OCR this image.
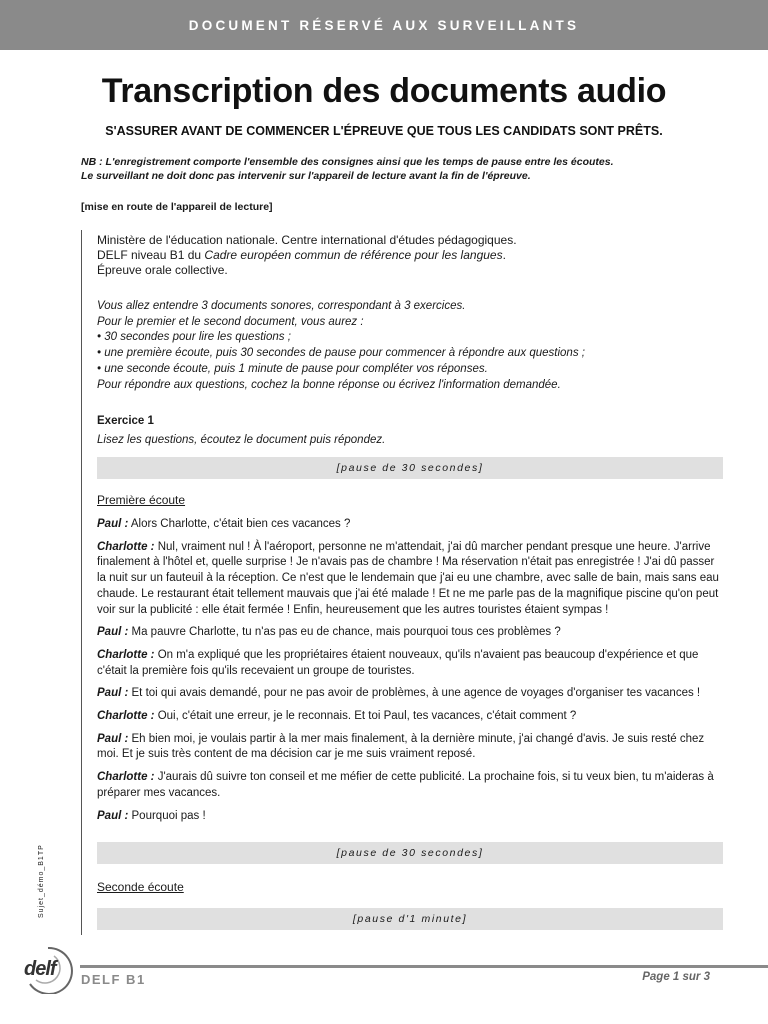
DOCUMENT RÉSERVÉ AUX SURVEILLANTS
Transcription des documents audio
S'ASSURER AVANT DE COMMENCER L'ÉPREUVE QUE TOUS LES CANDIDATS SONT PRÊTS.
NB : L'enregistrement comporte l'ensemble des consignes ainsi que les temps de pause entre les écoutes.
Le surveillant ne doit donc pas intervenir sur l'appareil de lecture avant la fin de l'épreuve.
[mise en route de l'appareil de lecture]
Ministère de l'éducation nationale. Centre international d'études pédagogiques.
DELF niveau B1 du Cadre européen commun de référence pour les langues.
Épreuve orale collective.
Vous allez entendre 3 documents sonores, correspondant à 3 exercices.
Pour le premier et le second document, vous aurez :
• 30 secondes pour lire les questions ;
• une première écoute, puis 30 secondes de pause pour commencer à répondre aux questions ;
• une seconde écoute, puis 1 minute de pause pour compléter vos réponses.
Pour répondre aux questions, cochez la bonne réponse ou écrivez l'information demandée.
Exercice 1
Lisez les questions, écoutez le document puis répondez.
[pause de 30 secondes]
Première écoute

Paul : Alors Charlotte, c'était bien ces vacances ?

Charlotte : Nul, vraiment nul ! À l'aéroport, personne ne m'attendait, j'ai dû marcher pendant presque une heure. J'arrive finalement à l'hôtel et, quelle surprise ! Je n'avais pas de chambre ! Ma réservation n'était pas enregistrée ! J'ai dû passer la nuit sur un fauteuil à la réception. Ce n'est que le lendemain que j'ai eu une chambre, avec salle de bain, mais sans eau chaude. Le restaurant était tellement mauvais que j'ai été malade ! Et ne me parle pas de la magnifique piscine qu'on peut voir sur la publicité : elle était fermée ! Enfin, heureusement que les autres touristes étaient sympas !

Paul : Ma pauvre Charlotte, tu n'as pas eu de chance, mais pourquoi tous ces problèmes ?

Charlotte : On m'a expliqué que les propriétaires étaient nouveaux, qu'ils n'avaient pas beaucoup d'expérience et que c'était la première fois qu'ils recevaient un groupe de touristes.

Paul : Et toi qui avais demandé, pour ne pas avoir de problèmes, à une agence de voyages d'organiser tes vacances !

Charlotte : Oui, c'était une erreur, je le reconnais. Et toi Paul, tes vacances, c'était comment ?

Paul : Eh bien moi, je voulais partir à la mer mais finalement, à la dernière minute, j'ai changé d'avis. Je suis resté chez moi. Et je suis très content de ma décision car je me suis vraiment reposé.

Charlotte : J'aurais dû suivre ton conseil et me méfier de cette publicité. La prochaine fois, si tu veux bien, tu m'aideras à préparer mes vacances.

Paul : Pourquoi pas !

[pause de 30 secondes]
Seconde écoute
[pause d'1 minute]
Sujet_démo_B1TP
delf DELF B1	Page 1 sur 3
